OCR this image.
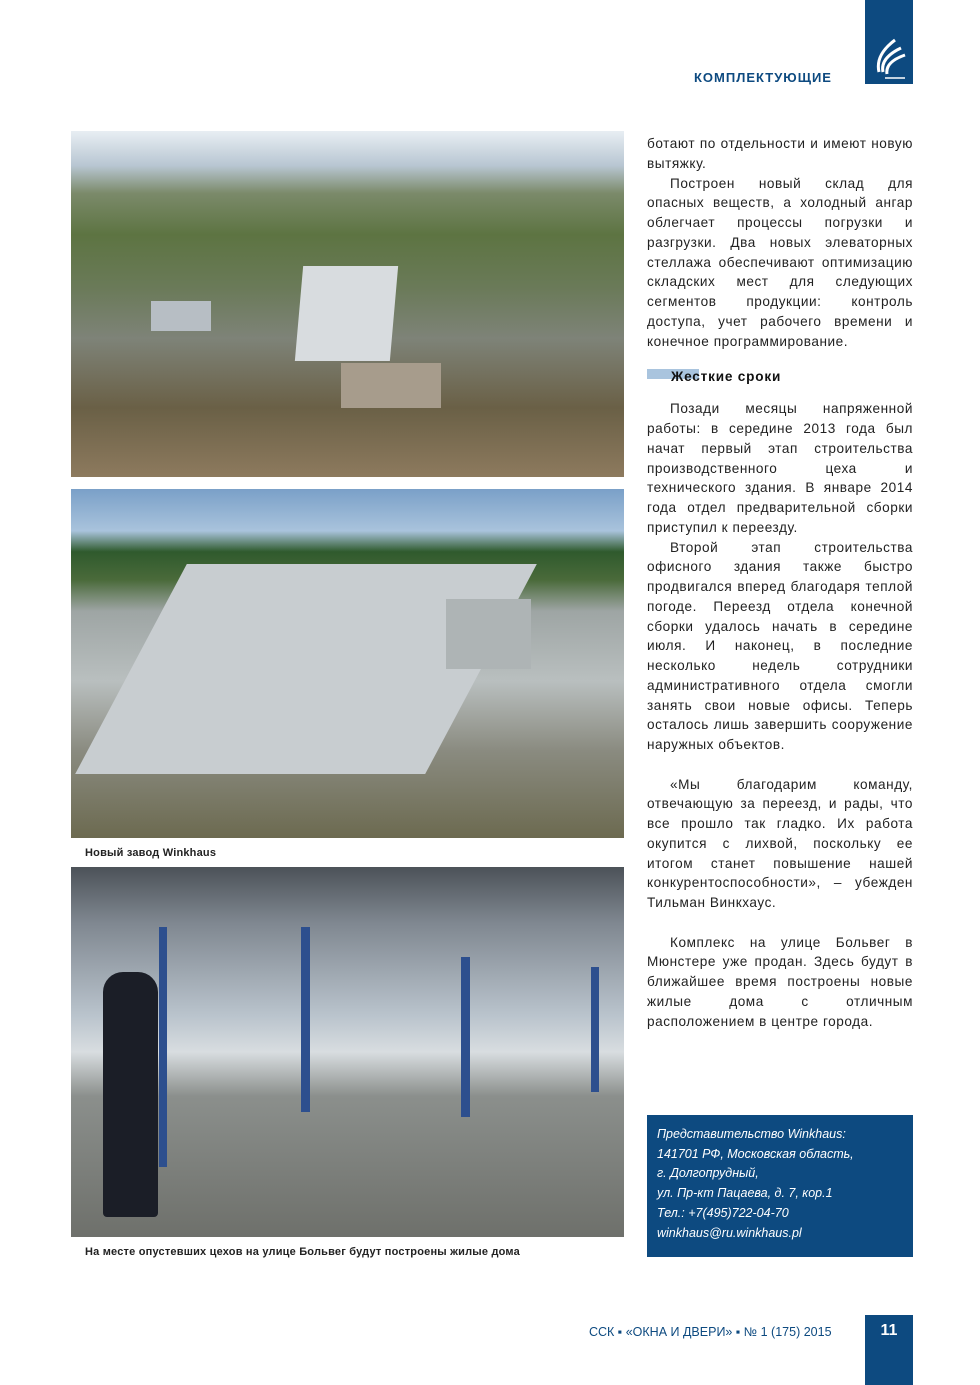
КОМПЛЕКТУЮЩИЕ
Новый завод Winkhaus
На месте опустевших цехов на улице Больвег будут построены жилые дома

ботают по отдельности и имеют новую вытяжку.

Построен новый склад для опасных веществ, а холодный ангар облегчает процессы погрузки и разгрузки. Два новых элеваторных стеллажа обеспечивают оптимизацию складских мест для следующих сегментов продукции: контроль доступа, учет рабочего времени и конечное программирование.

Жесткие сроки

Позади месяцы напряженной работы: в середине 2013 года был начат первый этап строительства производственного цеха и технического здания. В январе 2014 года отдел предварительной сборки приступил к переезду.

Второй этап строительства офисного здания также быстро продвигался вперед благодаря теплой погоде. Переезд отдела конечной сборки удалось начать в середине июля. И наконец, в последние несколько недель сотрудники административного отдела смогли занять свои новые офисы. Теперь осталось лишь завершить сооружение наружных объектов.

«Мы благодарим команду, отвечающую за переезд, и рады, что все прошло так гладко. Их работа окупится с лихвой, поскольку ее итогом станет повышение нашей конкурентоспособности», – убежден Тильман Винкхаус.

Комплекс на улице Больвег в Мюнстере уже продан. Здесь будут в ближайшее время построены новые жилые дома с отличным расположением в центре города.

Представительство Winkhaus:
141701 РФ, Московская область,
г. Долгопрудный,
ул. Пр-кт Пацаева, д. 7, кор.1
Тел.: +7(495)722-04-70
winkhaus@ru.winkhaus.pl
ССК ▪ «ОКНА И ДВЕРИ» ▪ № 1 (175) 2015	11
